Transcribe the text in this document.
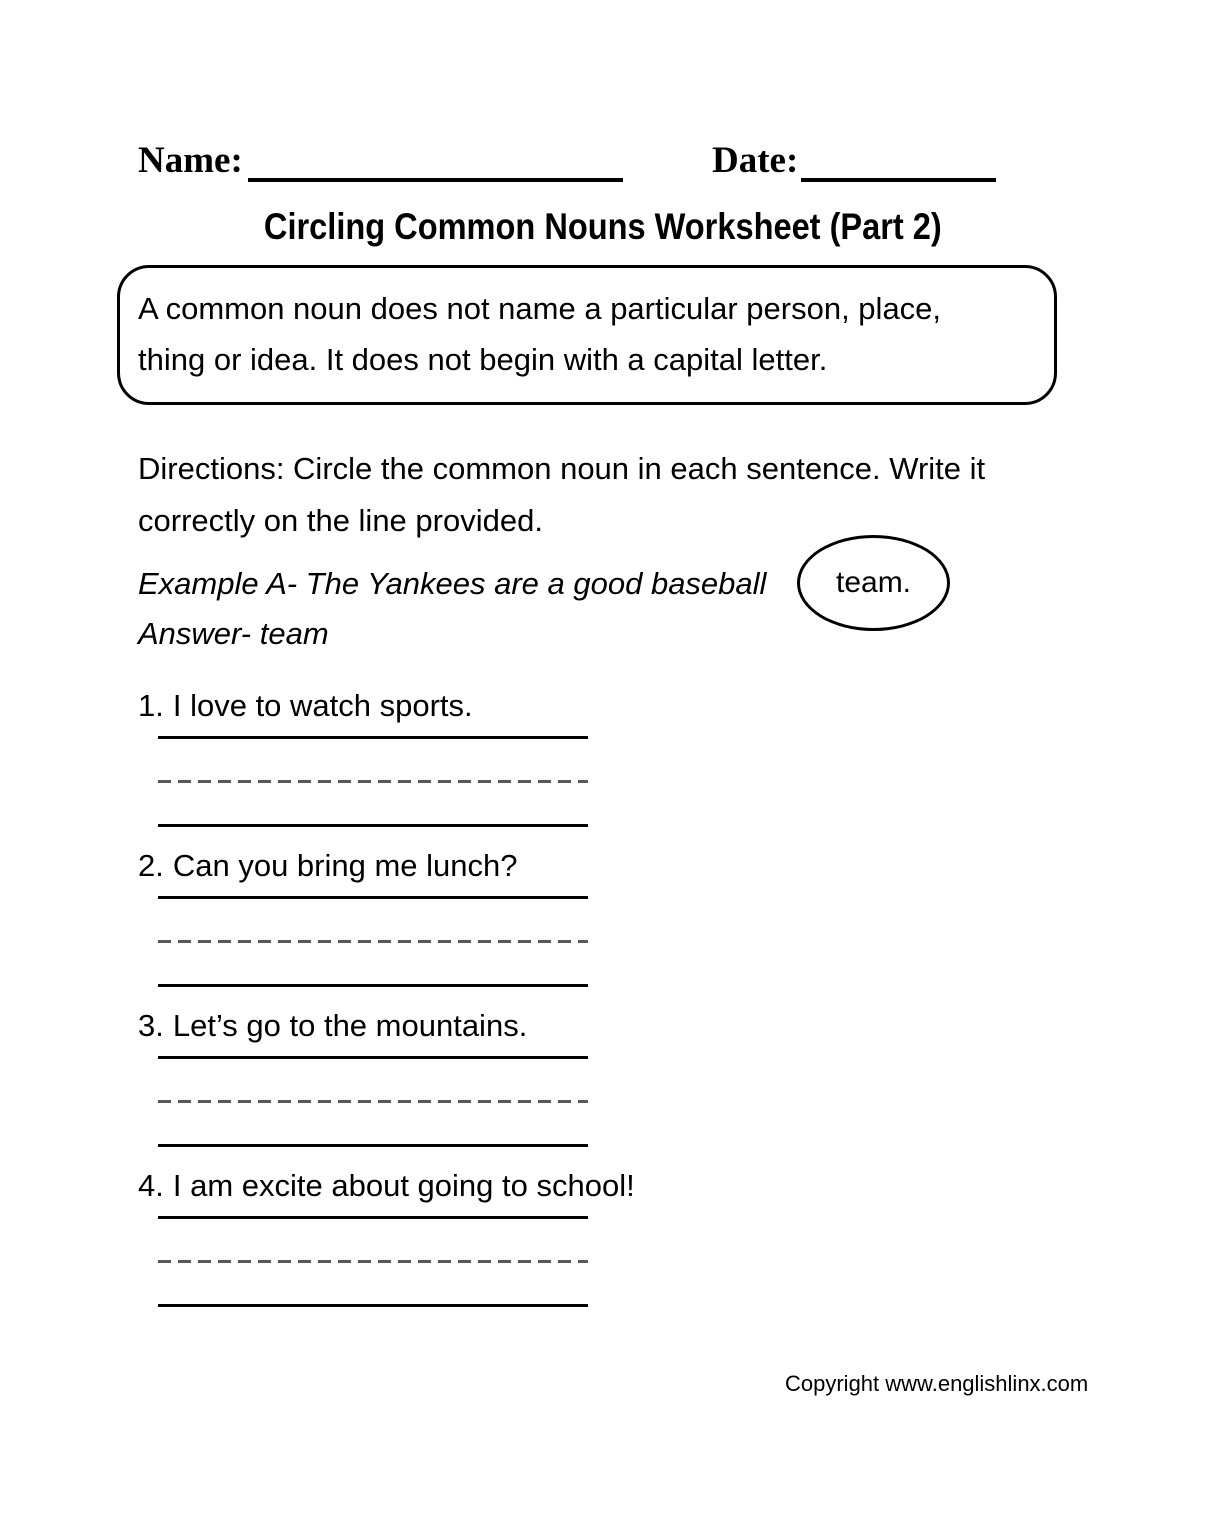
Name:	Date:
Circling Common Nouns Worksheet (Part 2)

A common noun does not name a particular person, place, thing or idea. It does not begin with a capital letter.

Directions: Circle the common noun in each sentence. Write it correctly on the line provided.

Example A- The Yankees are a good baseball team.

Answer- team

1. I love to watch sports.
2. Can you bring me lunch?
3. Let’s go to the mountains.
4. I am excite about going to school!

Copyright www.englishlinx.com
